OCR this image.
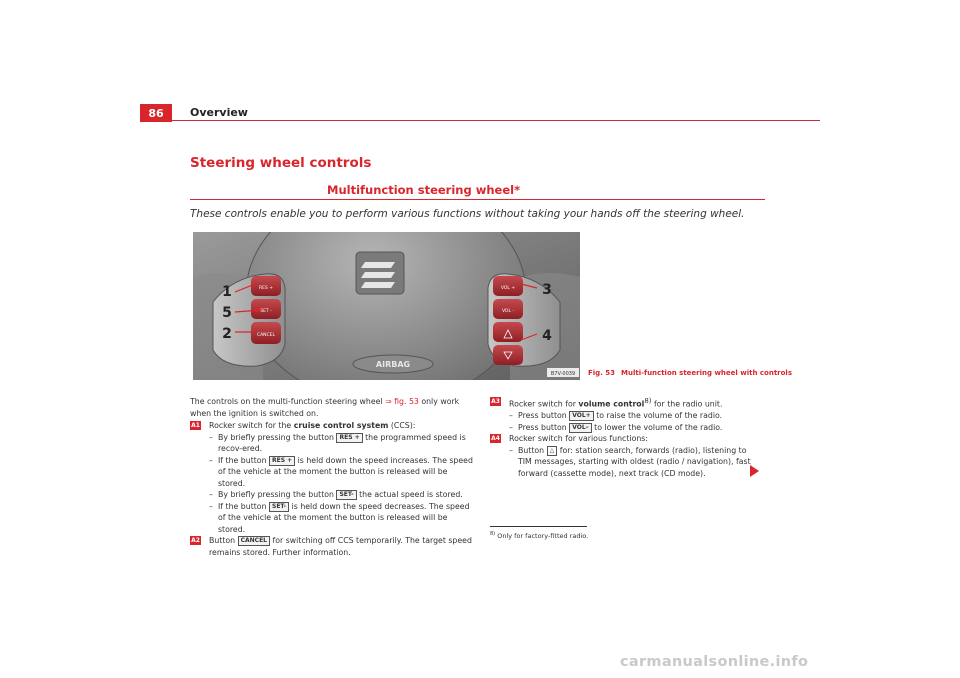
86	Overview
Steering wheel controls
Multifunction steering wheel*
These controls enable you to perform various functions without taking your hands off the steering wheel.
AIRBAG
RES +
SET -
CANCEL
VOL +
VOL -
1
5
2
3
4
B7V-0039 Fig. 53 Multi-function steering wheel with controls
The controls on the multi-function steering wheel ⇒ fig. 53 only work when the ignition is switched on.
A1 Rocker switch for the cruise control system (CCS):
– By briefly pressing the button RES + the programmed speed is recov-ered.
– If the button RES + is held down the speed increases. The speed of the vehicle at the moment the button is released will be stored.
– By briefly pressing the button SET- the actual speed is stored.
– If the button SET- is held down the speed decreases. The speed of the vehicle at the moment the button is released will be stored.
A2 Button CANCEL for switching off CCS temporarily. The target speed remains stored. Further information.
A3 Rocker switch for volume control$^{8)}$ for the radio unit.
– Press button VOL+ to raise the volume of the radio.
– Press button VOL– to lower the volume of the radio.
A4 Rocker switch for various functions:
– Button △ for: station search, forwards (radio), listening to TIM messages, starting with oldest (radio / navigation), fast forward (cassette mode), next track (CD mode).
$^{8)}$ Only for factory-fitted radio.
carmanualsonline.info
